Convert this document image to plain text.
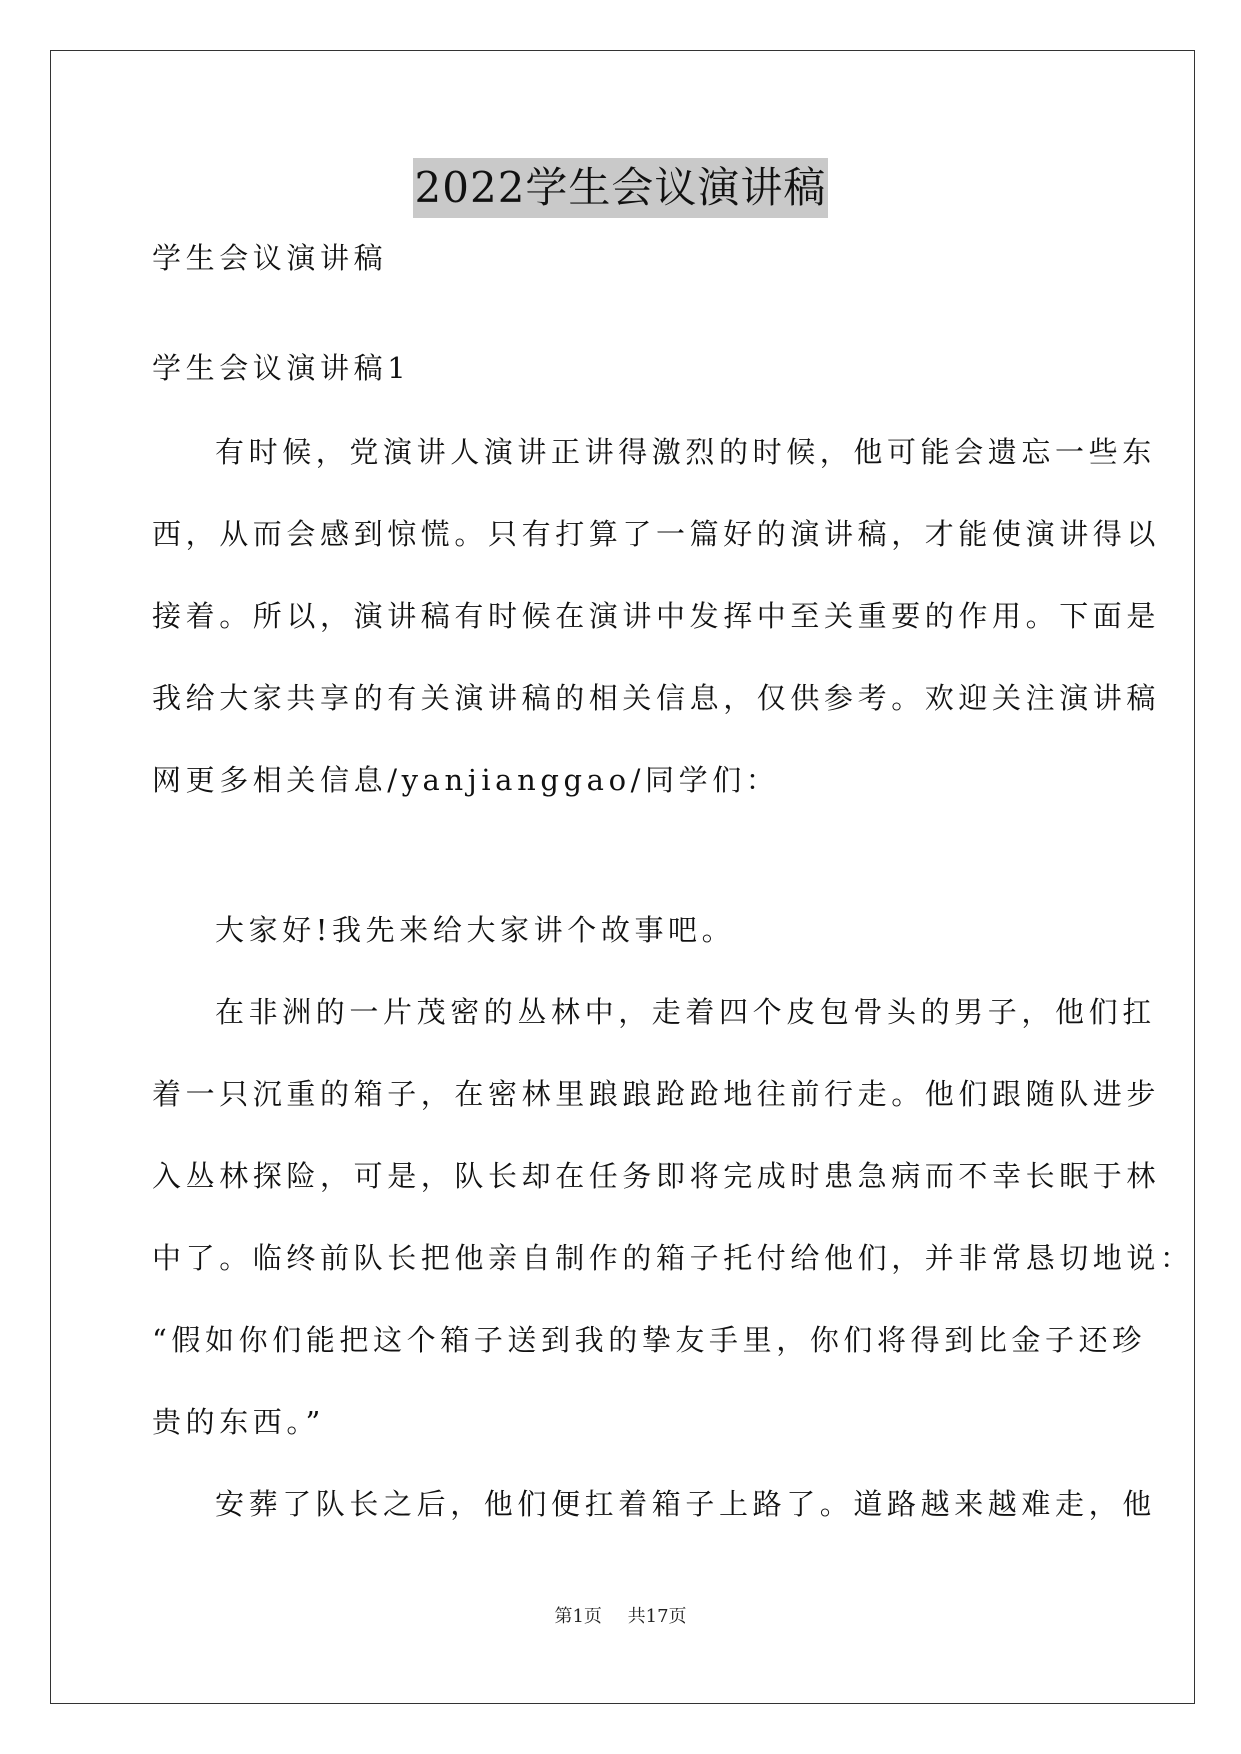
2022学生会议演讲稿
学生会议演讲稿
学生会议演讲稿1
有时候，党演讲人演讲正讲得激烈的时候，他可能会遗忘一些东
西，从而会感到惊慌。只有打算了一篇好的演讲稿，才能使演讲得以
接着。所以，演讲稿有时候在演讲中发挥中至关重要的作用。下面是
我给大家共享的有关演讲稿的相关信息，仅供参考。欢迎关注演讲稿
网更多相关信息/yanjianggao/同学们：
大家好!我先来给大家讲个故事吧。
在非洲的一片茂密的丛林中，走着四个皮包骨头的男子，他们扛
着一只沉重的箱子，在密林里踉踉跄跄地往前行走。他们跟随队进步
入丛林探险，可是，队长却在任务即将完成时患急病而不幸长眠于林
中了。临终前队长把他亲自制作的箱子托付给他们，并非常恳切地说：
“假如你们能把这个箱子送到我的挚友手里，你们将得到比金子还珍
贵的东西。”
安葬了队长之后，他们便扛着箱子上路了。道路越来越难走，他
第1页 共17页
